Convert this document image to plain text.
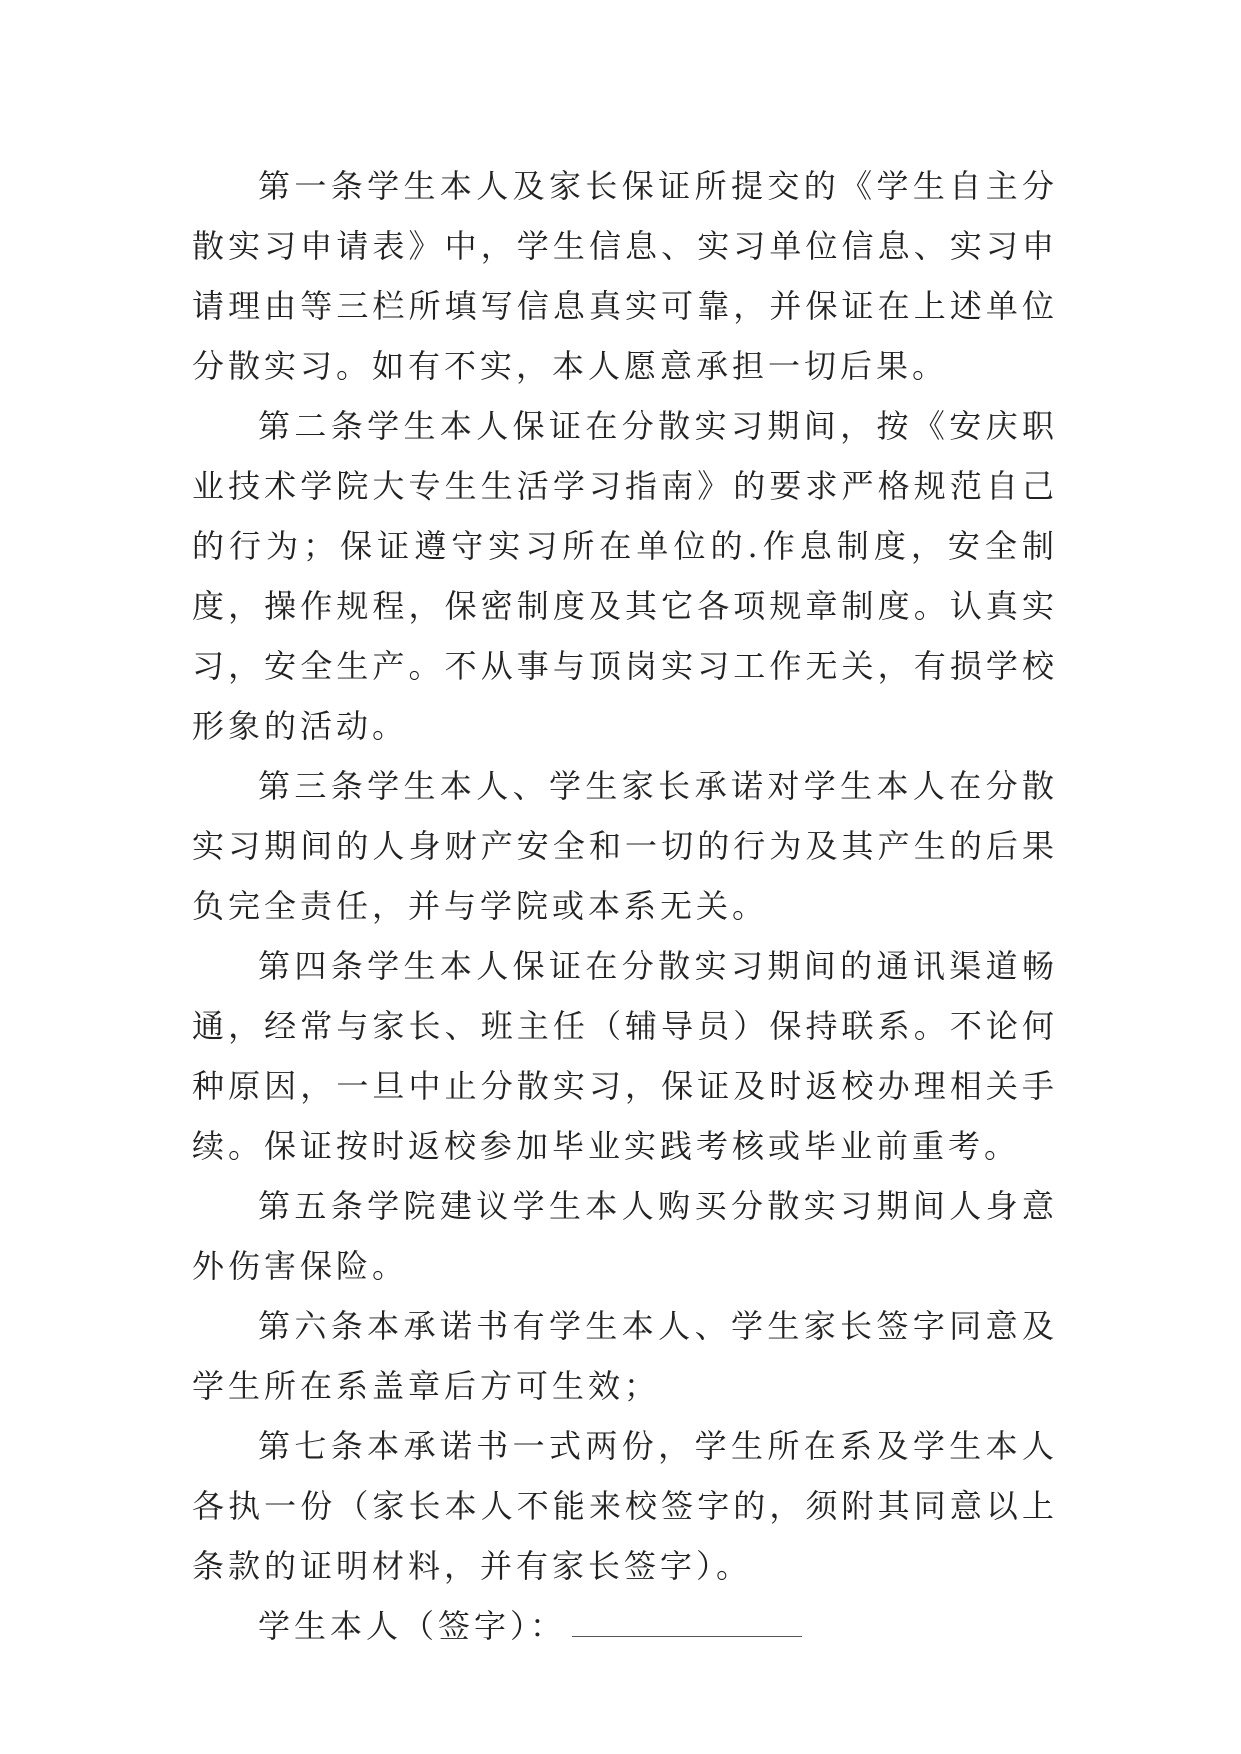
第一条学生本人及家长保证所提交的《学生自主分散实习申请表》中，学生信息、实习单位信息、实习申请理由等三栏所填写信息真实可靠，并保证在上述单位分散实习。如有不实，本人愿意承担一切后果。

第二条学生本人保证在分散实习期间，按《安庆职业技术学院大专生生活学习指南》的要求严格规范自己的行为；保证遵守实习所在单位的.作息制度，安全制度，操作规程，保密制度及其它各项规章制度。认真实习，安全生产。不从事与顶岗实习工作无关，有损学校形象的活动。

第三条学生本人、学生家长承诺对学生本人在分散实习期间的人身财产安全和一切的行为及其产生的后果负完全责任，并与学院或本系无关。

第四条学生本人保证在分散实习期间的通讯渠道畅通，经常与家长、班主任（辅导员）保持联系。不论何种原因，一旦中止分散实习，保证及时返校办理相关手续。保证按时返校参加毕业实践考核或毕业前重考。

第五条学院建议学生本人购买分散实习期间人身意外伤害保险。

第六条本承诺书有学生本人、学生家长签字同意及学生所在系盖章后方可生效；

第七条本承诺书一式两份，学生所在系及学生本人各执一份（家长本人不能来校签字的，须附其同意以上条款的证明材料，并有家长签字）。

学生本人（签字）：
